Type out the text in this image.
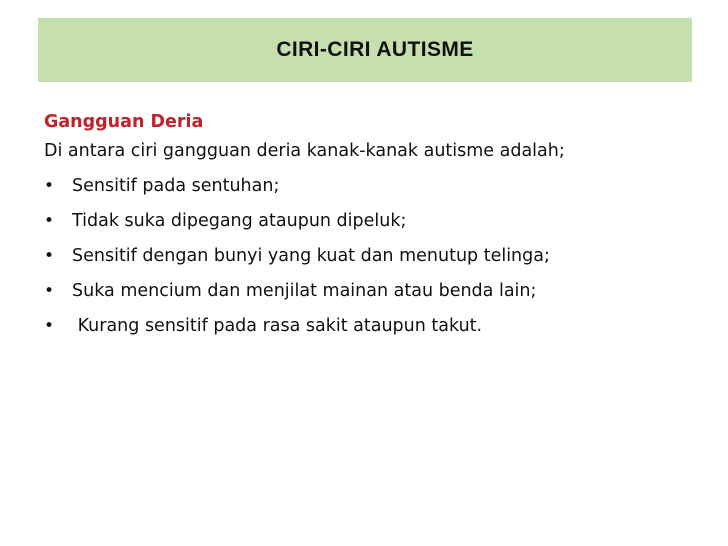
CIRI-CIRI AUTISME
Gangguan Deria
Di antara ciri gangguan deria kanak-kanak autisme adalah;
• Sensitif pada sentuhan;
• Tidak suka dipegang ataupun dipeluk;
• Sensitif dengan bunyi yang kuat dan menutup telinga;
• Suka mencium dan menjilat mainan atau benda lain;
• Kurang sensitif pada rasa sakit ataupun takut.
